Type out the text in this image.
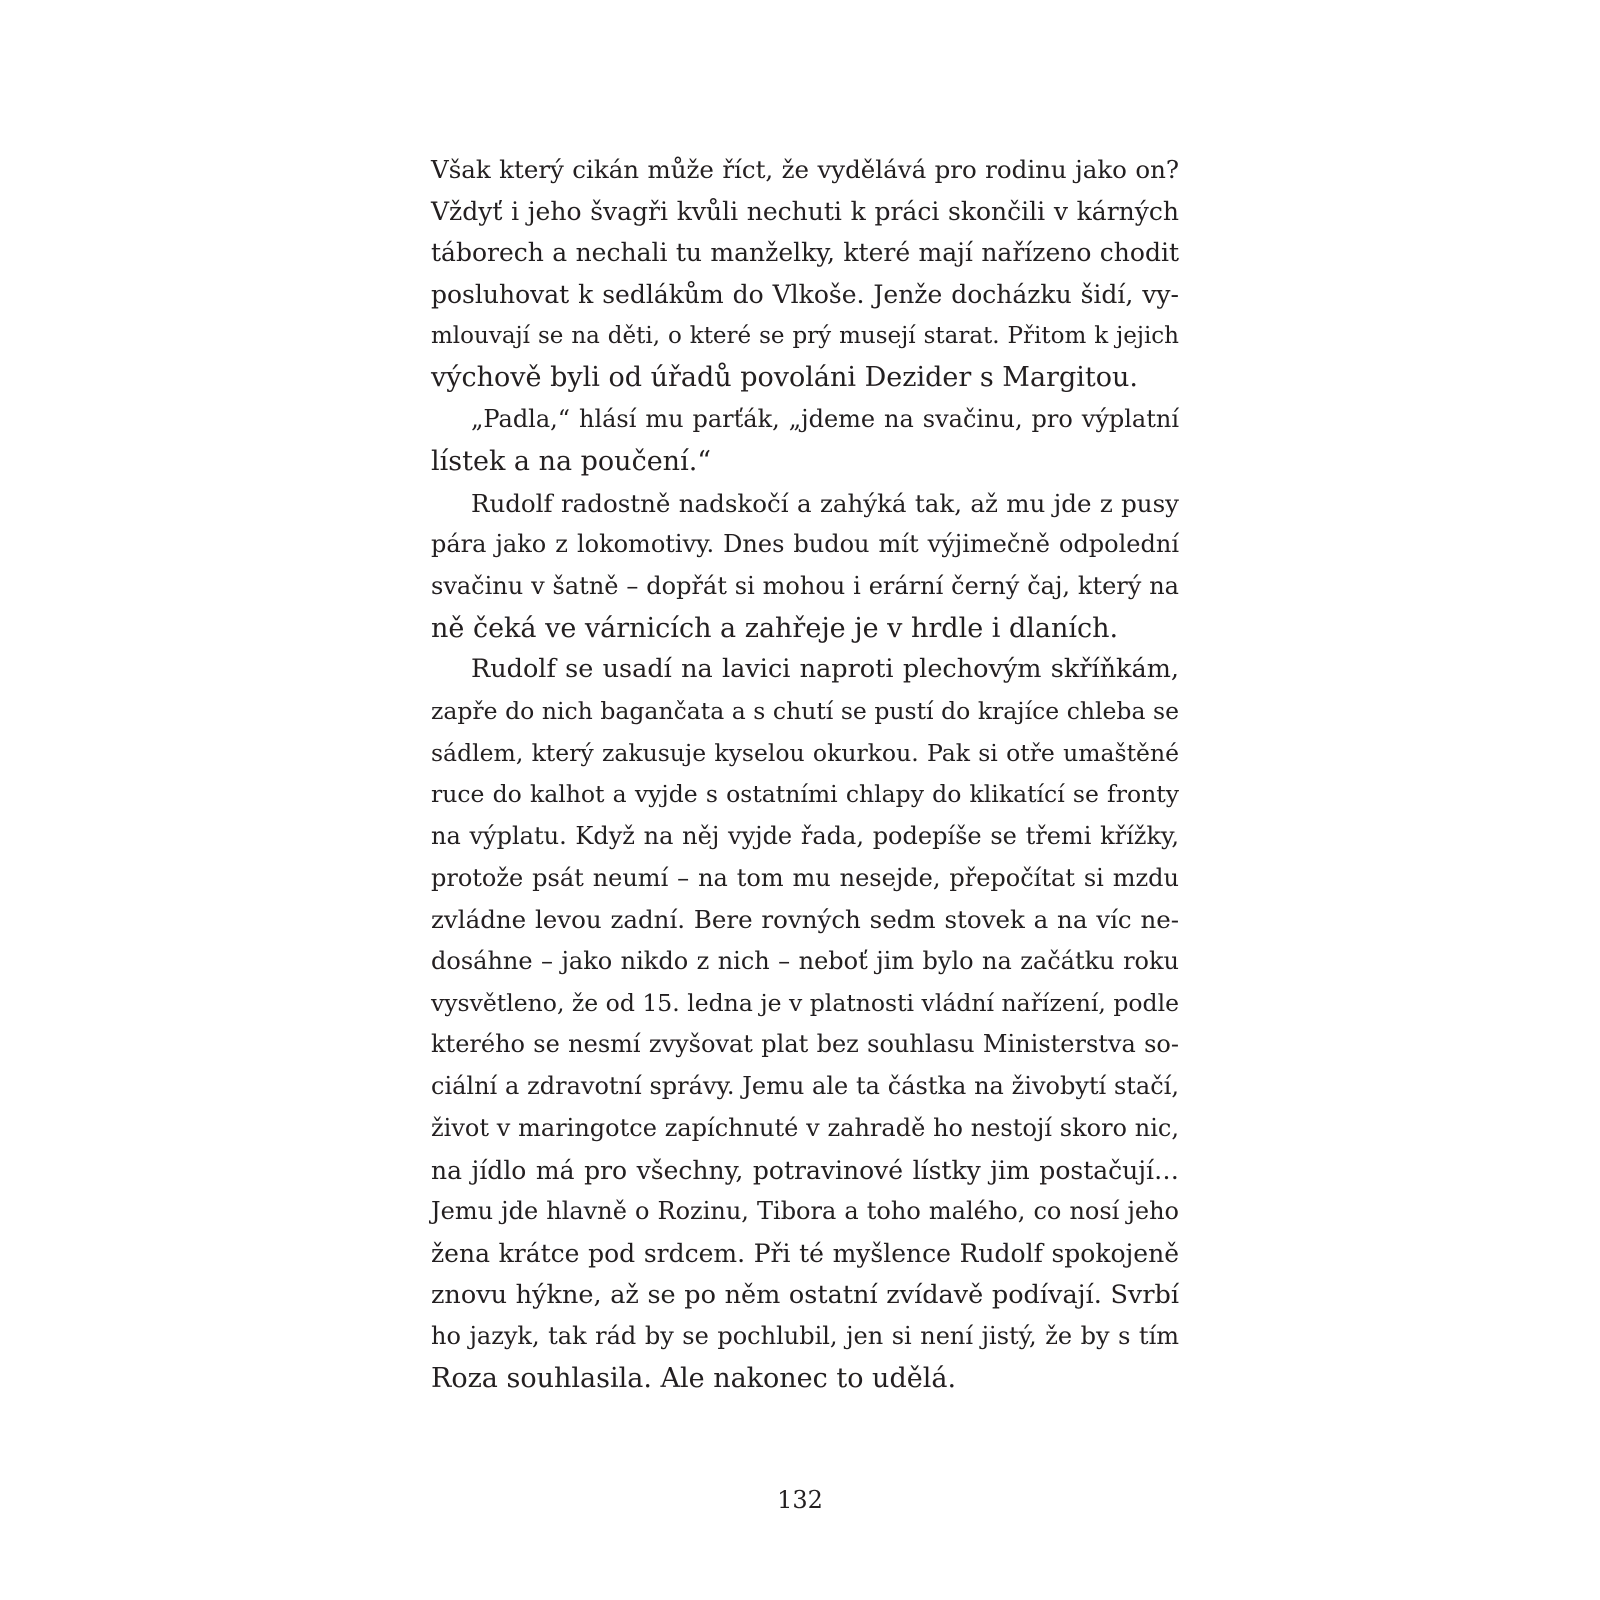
Však který cikán může říct, že vydělává pro rodinu jako on?
Vždyť i jeho švagři kvůli nechuti k práci skončili v kárných
táborech a nechali tu manželky, které mají nařízeno chodit
posluhovat k sedlákům do Vlkoše. Jenže docházku šidí, vy-
mlouvají se na děti, o které se prý musejí starat. Přitom k jejich
výchově byli od úřadů povoláni Dezider s Margitou.
„Padla,“ hlásí mu parťák, „jdeme na svačinu, pro výplatní
lístek a na poučení.“
Rudolf radostně nadskočí a zahýká tak, až mu jde z pusy
pára jako z lokomotivy. Dnes budou mít výjimečně odpolední
svačinu v šatně – dopřát si mohou i erární černý čaj, který na
ně čeká ve várnicích a zahřeje je v hrdle i dlaních.
Rudolf se usadí na lavici naproti plechovým skříňkám,
zapře do nich bagančata a s chutí se pustí do krajíce chleba se
sádlem, který zakusuje kyselou okurkou. Pak si otře umaštěné
ruce do kalhot a vyjde s ostatními chlapy do klikatící se fronty
na výplatu. Když na něj vyjde řada, podepíše se třemi křížky,
protože psát neumí – na tom mu nesejde, přepočítat si mzdu
zvládne levou zadní. Bere rovných sedm stovek a na víc ne-
dosáhne – jako nikdo z nich – neboť jim bylo na začátku roku
vysvětleno, že od 15. ledna je v platnosti vládní nařízení, podle
kterého se nesmí zvyšovat plat bez souhlasu Ministerstva so-
ciální a zdravotní správy. Jemu ale ta částka na živobytí stačí,
život v maringotce zapíchnuté v zahradě ho nestojí skoro nic,
na jídlo má pro všechny, potravinové lístky jim postačují…
Jemu jde hlavně o Rozinu, Tibora a toho malého, co nosí jeho
žena krátce pod srdcem. Při té myšlence Rudolf spokojeně
znovu hýkne, až se po něm ostatní zvídavě podívají. Svrbí
ho jazyk, tak rád by se pochlubil, jen si není jistý, že by s tím
Roza souhlasila. Ale nakonec to udělá.
132
